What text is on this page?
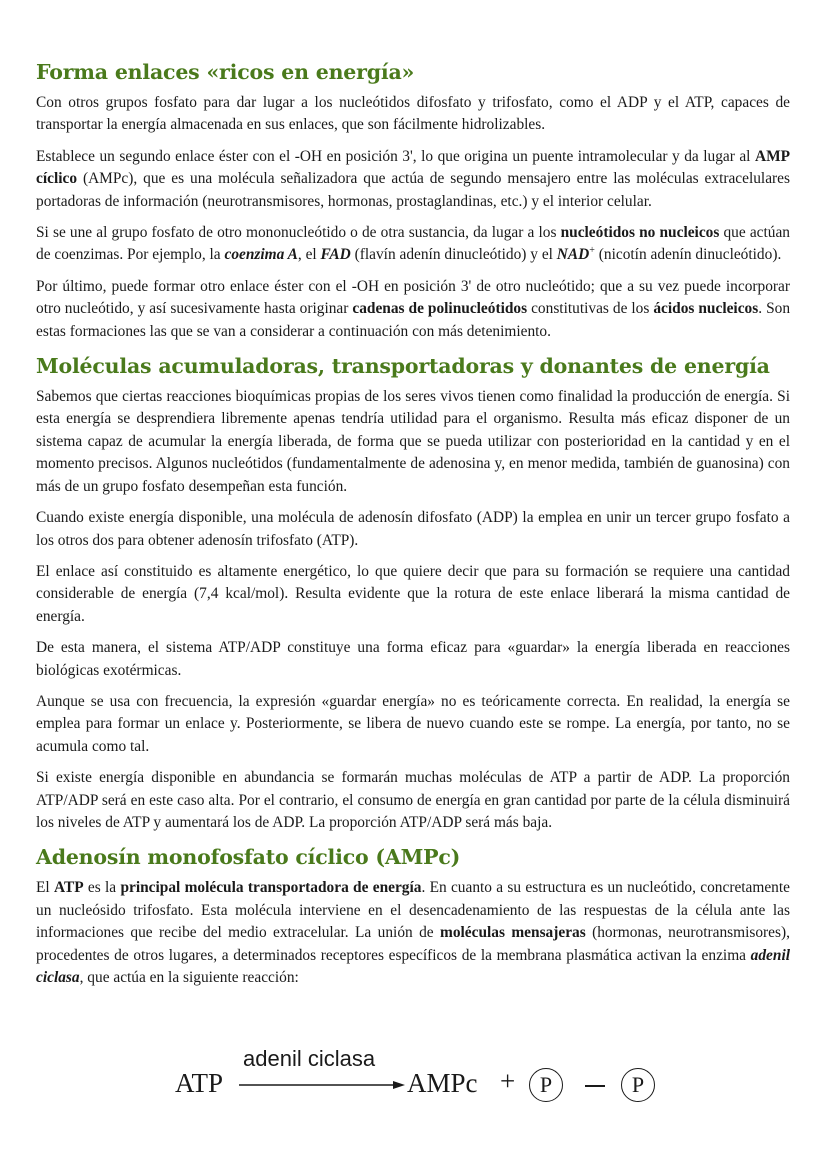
Forma enlaces «ricos en energía»

Con otros grupos fosfato para dar lugar a los nucleótidos difosfato y trifosfato, como el ADP y el ATP, capaces de transportar la energía almacenada en sus enlaces, que son fácilmente hidrolizables.

Establece un segundo enlace éster con el -OH en posición 3', lo que origina un puente intramolecular y da lugar al AMP cíclico (AMPc), que es una molécula señalizadora que actúa de segundo mensajero entre las moléculas extracelulares portadoras de información (neurotransmisores, hormonas, prostaglandinas, etc.) y el interior celular.

Si se une al grupo fosfato de otro mononucleótido o de otra sustancia, da lugar a los nucleótidos no nucleicos que actúan de coenzimas. Por ejemplo, la coenzima A, el FAD (flavín adenín dinucleótido) y el NAD+ (nicotín adenín dinucleótido).

Por último, puede formar otro enlace éster con el -OH en posición 3' de otro nucleótido; que a su vez puede incorporar otro nucleótido, y así sucesivamente hasta originar cadenas de polinucleótidos constitutivas de los ácidos nucleicos. Son estas formaciones las que se van a considerar a continuación con más detenimiento.

Moléculas acumuladoras, transportadoras y donantes de energía

Sabemos que ciertas reacciones bioquímicas propias de los seres vivos tienen como finalidad la producción de energía. Si esta energía se desprendiera libremente apenas tendría utilidad para el organismo. Resulta más eficaz disponer de un sistema capaz de acumular la energía liberada, de forma que se pueda utilizar con posterioridad en la cantidad y en el momento precisos. Algunos nucleótidos (fundamentalmente de adenosina y, en menor medida, también de guanosina) con más de un grupo fosfato desempeñan esta función.

Cuando existe energía disponible, una molécula de adenosín difosfato (ADP) la emplea en unir un tercer grupo fosfato a los otros dos para obtener adenosín trifosfato (ATP).

El enlace así constituido es altamente energético, lo que quiere decir que para su formación se requiere una cantidad considerable de energía (7,4 kcal/mol). Resulta evidente que la rotura de este enlace liberará la misma cantidad de energía.

De esta manera, el sistema ATP/ADP constituye una forma eficaz para «guardar» la energía liberada en reacciones biológicas exotérmicas.

Aunque se usa con frecuencia, la expresión «guardar energía» no es teóricamente correcta. En realidad, la energía se emplea para formar un enlace y. Posteriormente, se libera de nuevo cuando este se rompe. La energía, por tanto, no se acumula como tal.

Si existe energía disponible en abundancia se formarán muchas moléculas de ATP a partir de ADP. La proporción ATP/ADP será en este caso alta. Por el contrario, el consumo de energía en gran cantidad por parte de la célula disminuirá los niveles de ATP y aumentará los de ADP. La proporción ATP/ADP será más baja.

Adenosín monofosfato cíclico (AMPc)

El ATP es la principal molécula transportadora de energía. En cuanto a su estructura es un nucleótido, concretamente un nucleósido trifosfato. Esta molécula interviene en el desencadenamiento de las respuestas de la célula ante las informaciones que recibe del medio extracelular. La unión de moléculas mensajeras (hormonas, neurotransmisores), procedentes de otros lugares, a determinados receptores específicos de la membrana plasmática activan la enzima adenil ciclasa, que actúa en la siguiente reacción:

ATP
adenil ciclasa
AMPc + P	P
